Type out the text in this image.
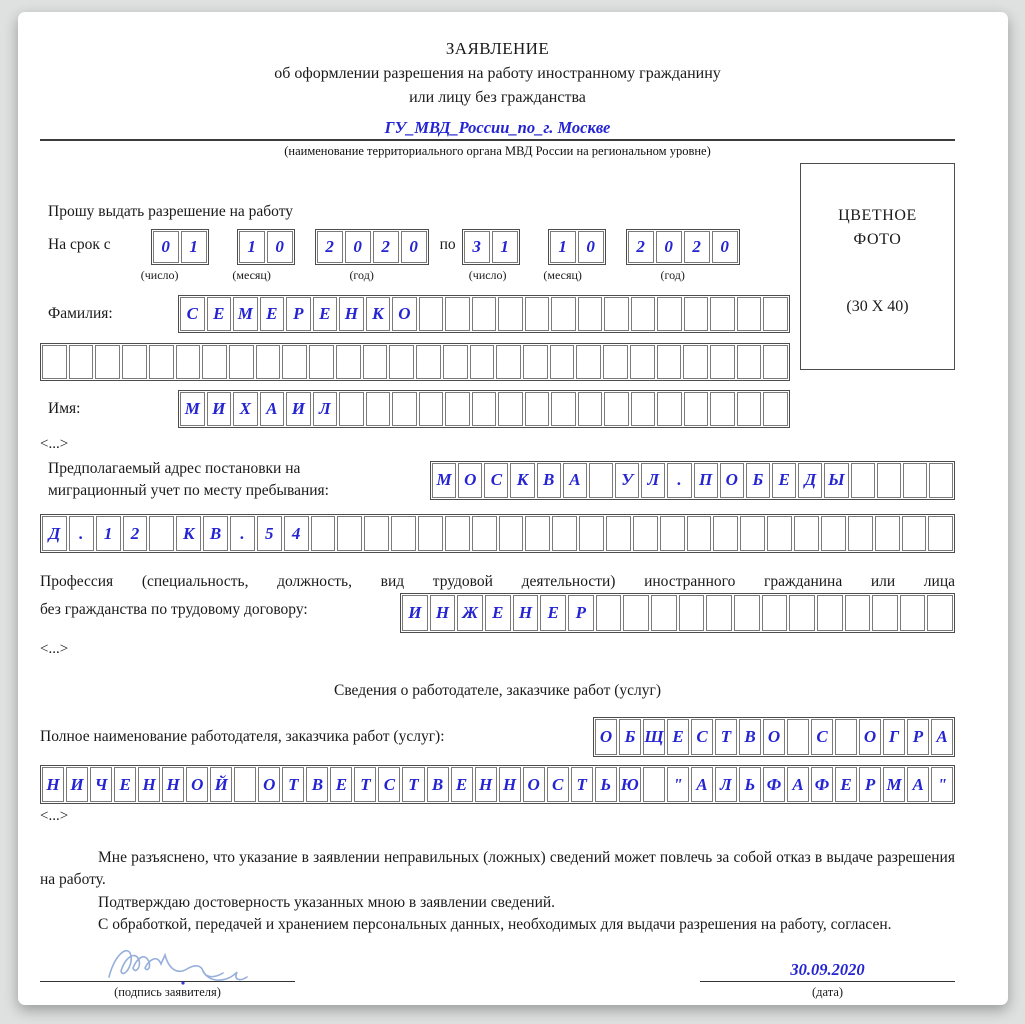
ЗАЯВЛЕНИЕ
об оформлении разрешения на работу иностранному гражданину
или лицу без гражданства
ГУ_МВД_России_по_г. Москве
(наименование территориального органа МВД России на региональном уровне)
ЦВЕТНОЕ
ФОТО
(30 Х 40)
Прошу выдать разрешение на работу
На срок с	0	1
(число)
1	0
(месяц)
2	0	2	0
(год)
по 3	1
(число)
1	0
(месяц)
2	0	2	0
(год)
Фамилия:	С Е М Е Р Е Н К О
Имя:	М И Х А И Л
<...>
Предполагаемый адрес постановки на
миграционный учет по месту пребывания:
М О С К В А	У Л	.	П О Б Е Д Ы
Д	.	1	2	К В	.	5	4
Профессия (специальность, должность, вид трудовой деятельности) иностранного гражданина или лица
без гражданства по трудовому договору:	И Н Ж Е Н Е Р
<...>
Сведения о работодателе, заказчике работ (услуг)
Полное наименование работодателя, заказчика работ (услуг):	О Б Щ Е С Т В О	С	О Г Р А
Н И Ч Е Н Н О Й О Т В Е Т С Т В Е Н Н О С Т Ь Ю	" А Л Ь Ф А Ф Е Р М А "
<...>

Мне разъяснено, что указание в заявлении неправильных (ложных) сведений может повлечь за собой отказ в выдаче разрешения на работу.

Подтверждаю достоверность указанных мною в заявлении сведений.

С обработкой, передачей и хранением персональных данных, необходимых для выдачи разрешения на работу, согласен.

(подпись заявителя)
30.09.2020
(дата)
